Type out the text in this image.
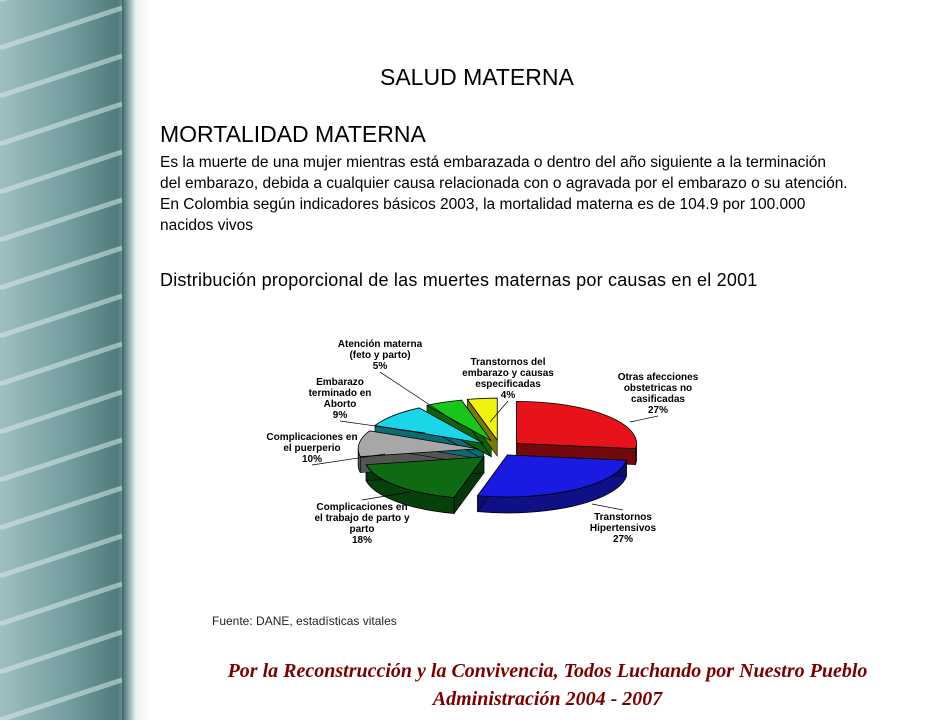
SALUD MATERNA
MORTALIDAD MATERNA
Es la muerte de una mujer mientras está embarazada o dentro del año siguiente a la terminación del embarazo, debida a cualquier causa relacionada con o agravada por el embarazo o su atención. En Colombia según indicadores básicos 2003, la mortalidad materna es de 104.9 por 100.000 nacidos vivos
Distribución proporcional de las muertes maternas por causas en el 2001
Otras afecciones
obstetricas no
casificadas
27%
Transtornos
Hipertensivos
27%
Complicaciones en
el trabajo de parto y
parto
18%
Complicaciones en
el puerperio
10%
Embarazo
terminado en
Aborto
9%
Atención materna
(feto y parto)
5%	Transtornos del
embarazo y causas
especificadas
4%
Fuente: DANE, estadísticas vitales
Por la Reconstrucción y la Convivencia, Todos Luchando por Nuestro Pueblo
Administración 2004 - 2007
